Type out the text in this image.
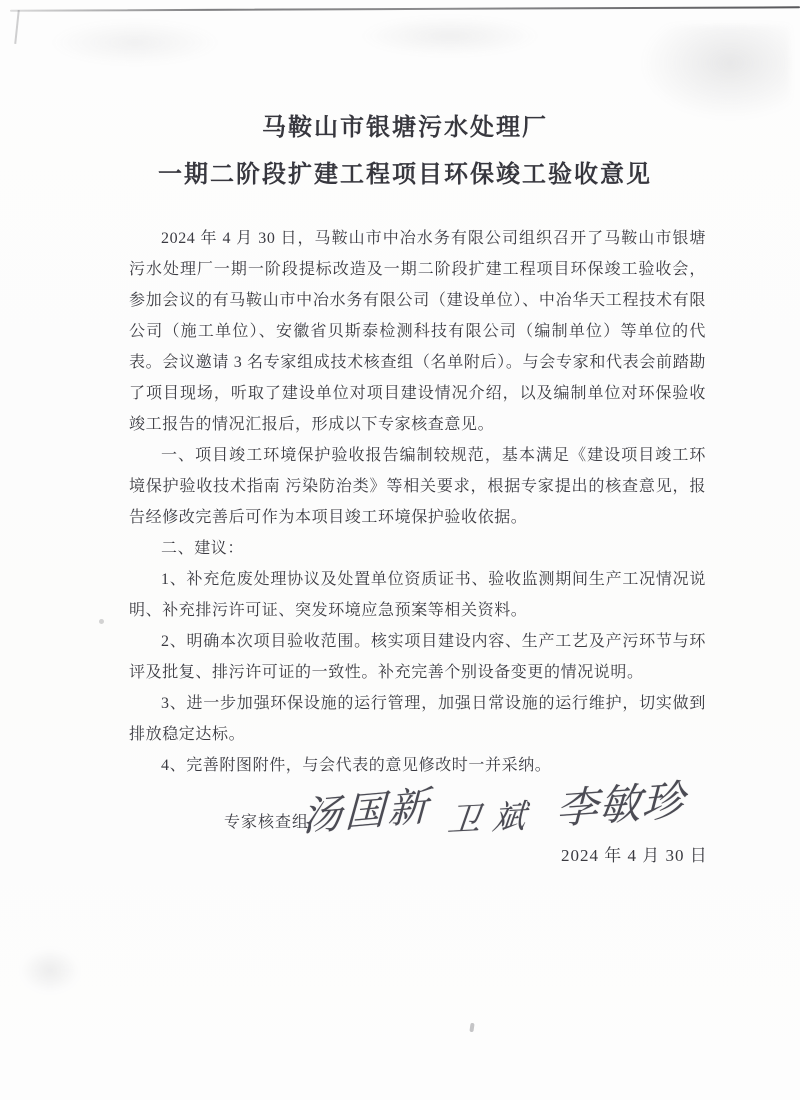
马鞍山市银塘污水处理厂
一期二阶段扩建工程项目环保竣工验收意见

2024 年 4 月 30 日，马鞍山市中冶水务有限公司组织召开了马鞍山市银塘污水处理厂一期一阶段提标改造及一期二阶段扩建工程项目环保竣工验收会，参加会议的有马鞍山市中冶水务有限公司（建设单位）、中冶华天工程技术有限公司（施工单位）、安徽省贝斯泰检测科技有限公司（编制单位）等单位的代表。会议邀请 3 名专家组成技术核查组（名单附后）。与会专家和代表会前踏勘了项目现场，听取了建设单位对项目建设情况介绍，以及编制单位对环保验收竣工报告的情况汇报后，形成以下专家核查意见。

一、项目竣工环境保护验收报告编制较规范，基本满足《建设项目竣工环境保护验收技术指南 污染防治类》等相关要求，根据专家提出的核查意见，报告经修改完善后可作为本项目竣工环境保护验收依据。

二、建议：

1、补充危废处理协议及处置单位资质证书、验收监测期间生产工况情况说明、补充排污许可证、突发环境应急预案等相关资料。

2、明确本次项目验收范围。核实项目建设内容、生产工艺及产污环节与环评及批复、排污许可证的一致性。补充完善个别设备变更的情况说明。

3、进一步加强环保设施的运行管理，加强日常设施的运行维护，切实做到排放稳定达标。

4、完善附图附件，与会代表的意见修改时一并采纳。

专家核查组
汤国新 卫斌 李敏珍
2024 年 4 月 30 日
